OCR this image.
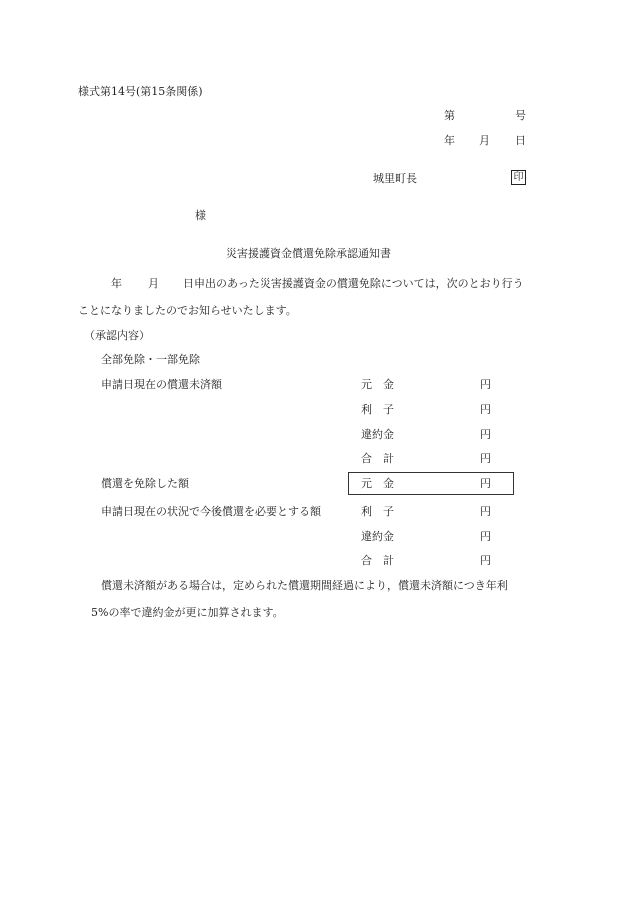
様式第14号(第15条関係)
第	号
年 月 日
城里町長	印
様
災害援護資金償還免除承認通知書
年 月 日申出のあった災害援護資金の償還免除については，次のとおり行う
ことになりましたのでお知らせいたします。
（承認内容）
全部免除・一部免除
申請日現在の償還未済額	元　金	円
利　子	円
違約金	円
合　計	円
償還を免除した額	元　金	円
申請日現在の状況で今後償還を必要とする額	利　子	円
違約金	円
合　計	円
償還未済額がある場合は，定められた償還期間経過により，償還未済額につき年利
5%の率で違約金が更に加算されます。
